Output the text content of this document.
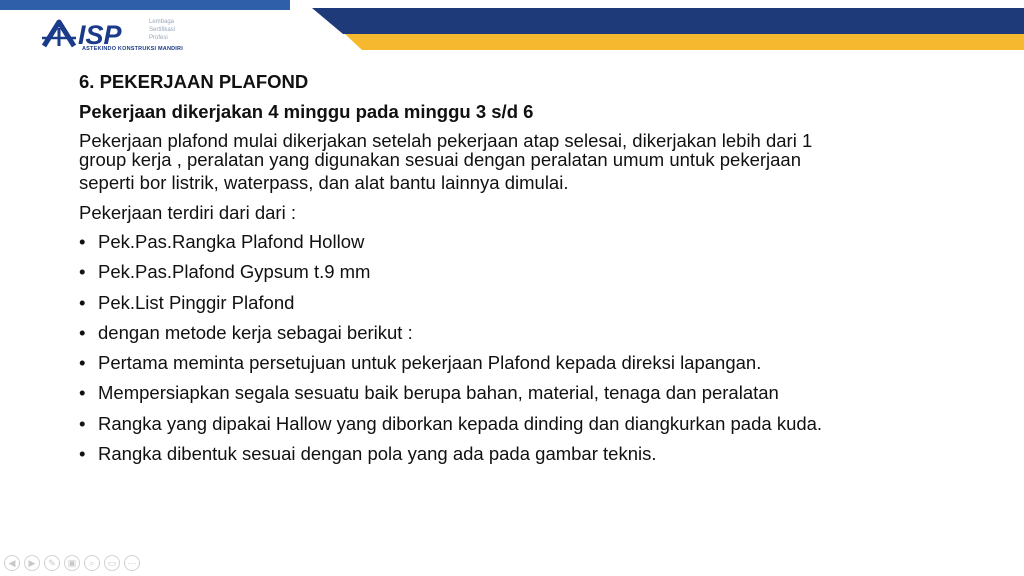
ISP	Lembaga
Sertifikasi
Profesi
ASTEKINDO KONSTRUKSI MANDIRI
6. PEKERJAAN PLAFOND
Pekerjaan dikerjakan 4 minggu pada minggu 3 s/d 6
Pekerjaan plafond mulai dikerjakan setelah pekerjaan atap selesai, dikerjakan lebih dari 1
group kerja , peralatan yang digunakan sesuai dengan peralatan umum untuk pekerjaan
seperti bor listrik, waterpass, dan alat bantu lainnya dimulai.
Pekerjaan terdiri dari dari :
• Pek.Pas.Rangka Plafond Hollow
• Pek.Pas.Plafond Gypsum t.9 mm
• Pek.List Pinggir Plafond
• dengan metode kerja sebagai berikut :
• Pertama meminta persetujuan untuk pekerjaan Plafond kepada direksi lapangan.
• Mempersiapkan segala sesuatu baik berupa bahan, material, tenaga dan peralatan
• Rangka yang dipakai Hallow yang diborkan kepada dinding dan diangkurkan pada kuda.
• Rangka dibentuk sesuai dengan pola yang ada pada gambar teknis.
◀	▶	✎	▣	⌕	▭	⋯
